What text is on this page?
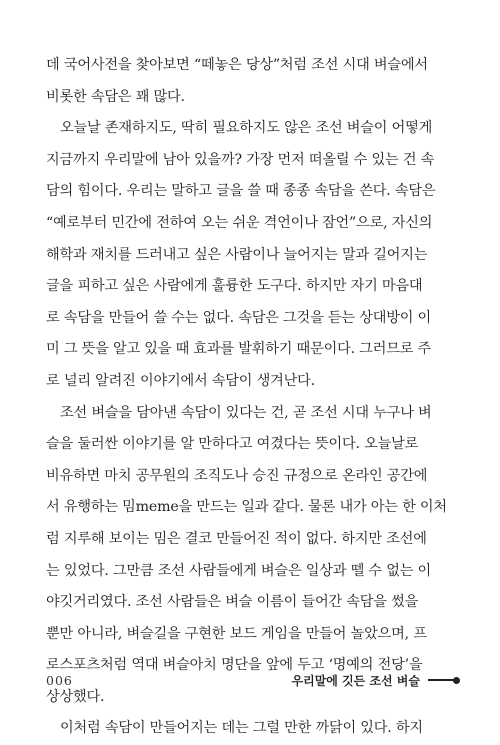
데 국어사전을 찾아보면 “떼놓은 당상”처럼 조선 시대 벼슬에서
비롯한 속담은 꽤 많다.
오늘날 존재하지도, 딱히 필요하지도 않은 조선 벼슬이 어떻게
지금까지 우리말에 남아 있을까? 가장 먼저 떠올릴 수 있는 건 속
담의 힘이다. 우리는 말하고 글을 쓸 때 종종 속담을 쓴다. 속담은
“예로부터 민간에 전하여 오는 쉬운 격언이나 잠언”으로, 자신의
해학과 재치를 드러내고 싶은 사람이나 늘어지는 말과 길어지는
글을 피하고 싶은 사람에게 훌륭한 도구다. 하지만 자기 마음대
로 속담을 만들어 쓸 수는 없다. 속담은 그것을 듣는 상대방이 이
미 그 뜻을 알고 있을 때 효과를 발휘하기 때문이다. 그러므로 주
로 널리 알려진 이야기에서 속담이 생겨난다.
조선 벼슬을 담아낸 속담이 있다는 건, 곧 조선 시대 누구나 벼
슬을 둘러싼 이야기를 알 만하다고 여겼다는 뜻이다. 오늘날로
비유하면 마치 공무원의 조직도나 승진 규정으로 온라인 공간에
서 유행하는 밈meme을 만드는 일과 같다. 물론 내가 아는 한 이처
럼 지루해 보이는 밈은 결코 만들어진 적이 없다. 하지만 조선에
는 있었다. 그만큼 조선 사람들에게 벼슬은 일상과 뗄 수 없는 이
야깃거리였다. 조선 사람들은 벼슬 이름이 들어간 속담을 썼을
뿐만 아니라, 벼슬길을 구현한 보드 게임을 만들어 놀았으며, 프
로스포츠처럼 역대 벼슬아치 명단을 앞에 두고 ‘명예의 전당’을
상상했다.
이처럼 속담이 만들어지는 데는 그럴 만한 까닭이 있다. 하지
006	우리말에 깃든 조선 벼슬
